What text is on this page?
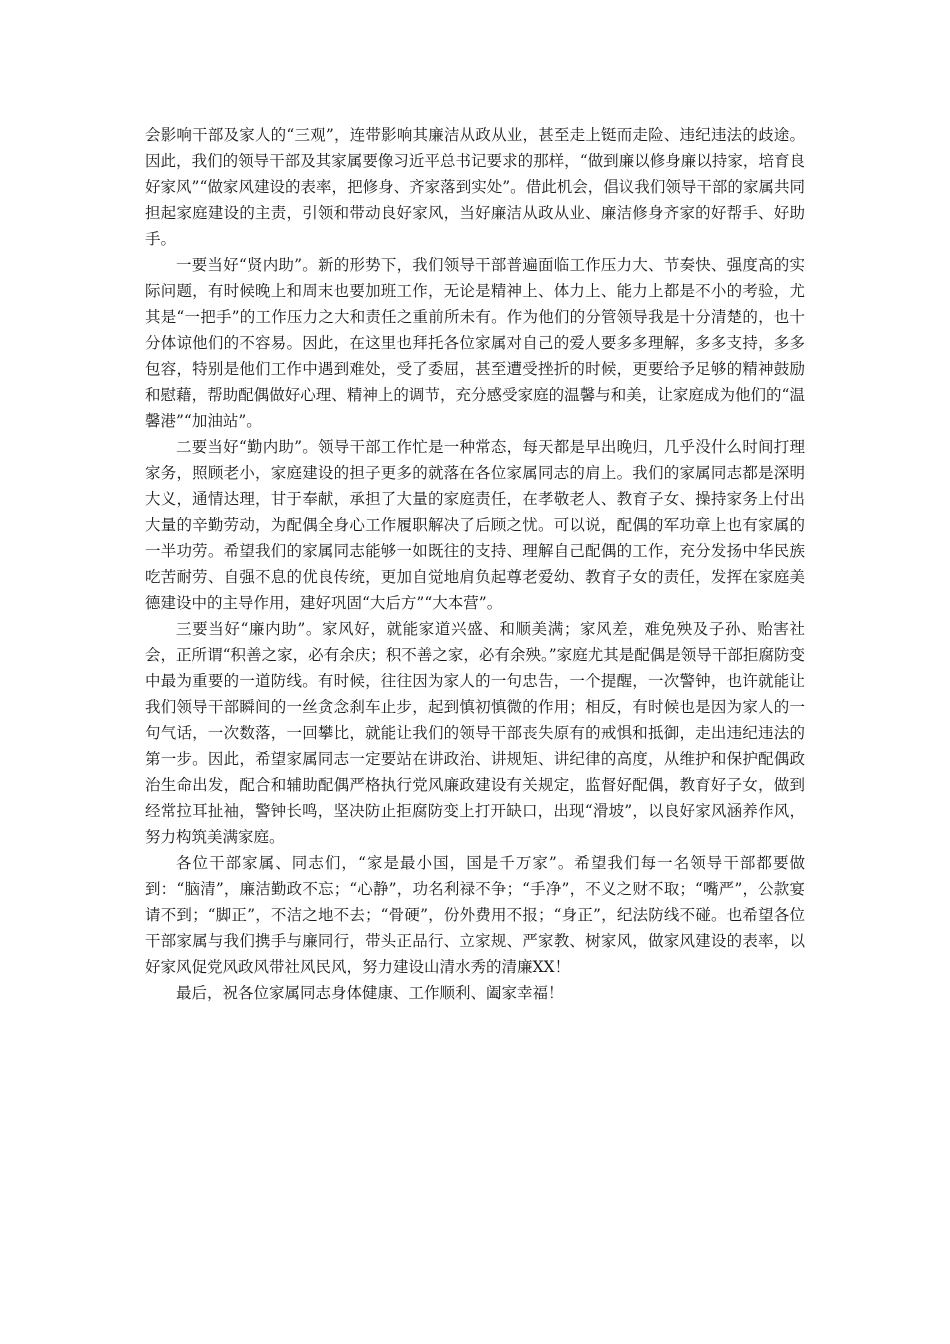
会影响干部及家人的“三观”，连带影响其廉洁从政从业，甚至走上铤而走险、违纪违法的歧途。因此，我们的领导干部及其家属要像习近平总书记要求的那样，“做到廉以修身廉以持家，培育良好家风”“做家风建设的表率，把修身、齐家落到实处”。借此机会，倡议我们领导干部的家属共同担起家庭建设的主责，引领和带动良好家风，当好廉洁从政从业、廉洁修身齐家的好帮手、好助手。

一要当好“贤内助”。新的形势下，我们领导干部普遍面临工作压力大、节奏快、强度高的实际问题，有时候晚上和周末也要加班工作，无论是精神上、体力上、能力上都是不小的考验，尤其是“一把手”的工作压力之大和责任之重前所未有。作为他们的分管领导我是十分清楚的，也十分体谅他们的不容易。因此，在这里也拜托各位家属对自己的爱人要多多理解，多多支持，多多包容，特别是他们工作中遇到难处，受了委屈，甚至遭受挫折的时候，更要给予足够的精神鼓励和慰藉，帮助配偶做好心理、精神上的调节，充分感受家庭的温馨与和美，让家庭成为他们的“温馨港”“加油站”。

二要当好“勤内助”。领导干部工作忙是一种常态，每天都是早出晚归，几乎没什么时间打理家务，照顾老小，家庭建设的担子更多的就落在各位家属同志的肩上。我们的家属同志都是深明大义，通情达理，甘于奉献，承担了大量的家庭责任，在孝敬老人、教育子女、操持家务上付出大量的辛勤劳动，为配偶全身心工作履职解决了后顾之忧。可以说，配偶的军功章上也有家属的一半功劳。希望我们的家属同志能够一如既往的支持、理解自己配偶的工作，充分发扬中华民族吃苦耐劳、自强不息的优良传统，更加自觉地肩负起尊老爱幼、教育子女的责任，发挥在家庭美德建设中的主导作用，建好巩固“大后方”“大本营”。

三要当好“廉内助”。家风好，就能家道兴盛、和顺美满；家风差，难免殃及子孙、贻害社会，正所谓“积善之家，必有余庆；积不善之家，必有余殃。”家庭尤其是配偶是领导干部拒腐防变中最为重要的一道防线。有时候，往往因为家人的一句忠告，一个提醒，一次警钟，也许就能让我们领导干部瞬间的一丝贪念刹车止步，起到慎初慎微的作用；相反，有时候也是因为家人的一句气话，一次数落，一回攀比，就能让我们的领导干部丧失原有的戒惧和抵御，走出违纪违法的第一步。因此，希望家属同志一定要站在讲政治、讲规矩、讲纪律的高度，从维护和保护配偶政治生命出发，配合和辅助配偶严格执行党风廉政建设有关规定，监督好配偶，教育好子女，做到经常拉耳扯袖，警钟长鸣，坚决防止拒腐防变上打开缺口，出现“滑坡”，以良好家风涵养作风，努力构筑美满家庭。

各位干部家属、同志们，“家是最小国，国是千万家”。希望我们每一名领导干部都要做到：“脑清”，廉洁勤政不忘；“心静”，功名利禄不争；“手净”，不义之财不取；“嘴严”，公款宴请不到；“脚正”，不洁之地不去；“骨硬”，份外费用不报；“身正”，纪法防线不碰。也希望各位干部家属与我们携手与廉同行，带头正品行、立家规、严家教、树家风，做家风建设的表率，以好家风促党风政风带社风民风，努力建设山清水秀的清廉XX！

最后，祝各位家属同志身体健康、工作顺利、阖家幸福！
